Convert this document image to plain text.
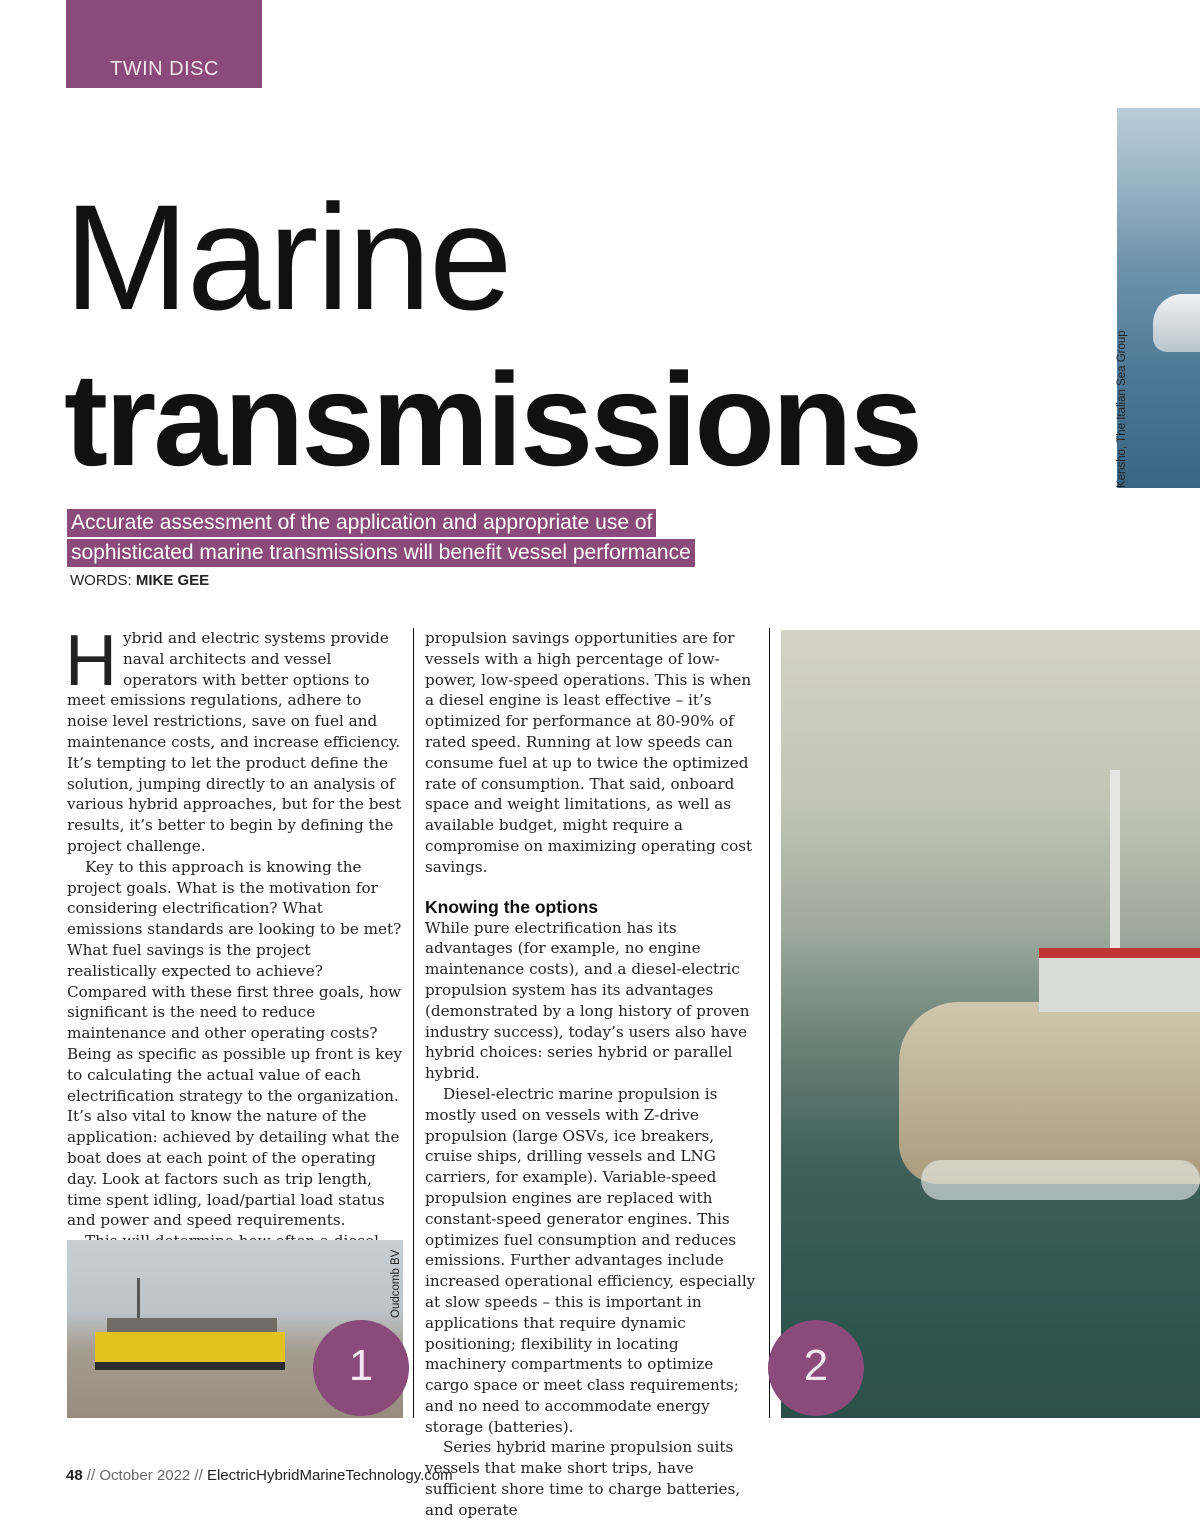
TWIN DISC
Marine
transmissions
Accurate assessment of the application and appropriate use of
sophisticated marine transmissions will benefit vessel performance
WORDS: MIKE GEE
Kensho, The Italian Sea Group

Hybrid and electric systems provide naval architects and vessel operators with better options to meet emissions regulations, adhere to noise level restrictions, save on fuel and maintenance costs, and increase efficiency. It’s tempting to let the product define the solution, jumping directly to an analysis of various hybrid approaches, but for the best results, it’s better to begin by defining the project challenge.

Key to this approach is knowing the project goals. What is the motivation for considering electrification? What emissions standards are looking to be met? What fuel savings is the project realistically expected to achieve? Compared with these first three goals, how significant is the need to reduce maintenance and other operating costs? Being as specific as possible up front is key to calculating the actual value of each electrification strategy to the organization. It’s also vital to know the nature of the application: achieved by detailing what the boat does at each point of the operating day. Look at factors such as trip length, time spent idling, load/partial load status and power and speed requirements.

propulsion savings opportunities are for vessels with a high percentage of low-power, low-speed operations. This is when a diesel engine is least effective – it’s optimized for performance at 80-90% of rated speed. Running at low speeds can consume fuel at up to twice the optimized rate of consumption. That said, onboard space and weight limitations, as well as available budget, might require a compromise on maximizing operating cost savings.

Knowing the options

While pure electrification has its advantages (for example, no engine maintenance costs), and a diesel-electric propulsion system has its advantages (demonstrated by a long history of proven industry success), today’s users also have hybrid choices: series hybrid or parallel hybrid.

Diesel-electric marine propulsion is mostly used on vessels with Z-drive propulsion (large OSVs, ice breakers, cruise ships, drilling vessels and LNG carriers, for example). Variable-speed propulsion engines are replaced with constant-speed generator engines. This optimizes fuel consumption and reduces emissions. Further advantages include increased operational efficiency, especially at slow speeds – this is important in applications that require dynamic positioning; flexibility in locating machinery compartments to optimize cargo space or meet class requirements; and no need to accommodate energy storage (batteries).

Series hybrid marine propulsion suits vessels that make short trips, have sufficient shore time to charge batteries, and operate

Oudcomb BV
1	2
48 // October 2022 // ElectricHybridMarineTechnology.com
